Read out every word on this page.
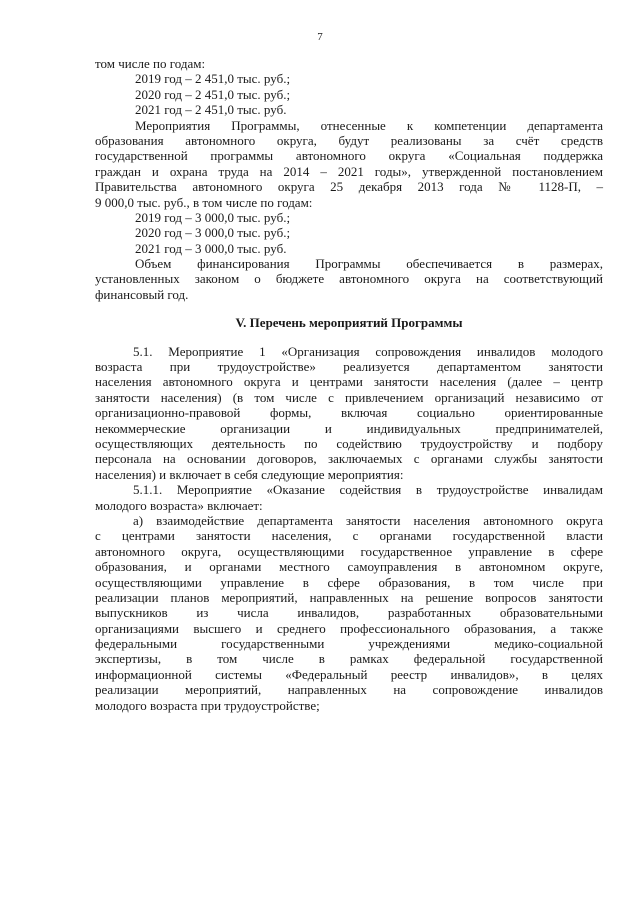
7
том числе по годам:
2019 год – 2 451,0 тыс. руб.;
2020 год – 2 451,0 тыс. руб.;
2021 год – 2 451,0 тыс. руб.
Мероприятия Программы, отнесенные к компетенции департамента
образования автономного округа, будут реализованы за счёт средств
государственной программы автономного округа «Социальная поддержка
граждан и охрана труда на 2014 – 2021 годы», утвержденной постановлением
Правительства автономного округа 25 декабря 2013 года № 1128-П, –
9 000,0 тыс. руб., в том числе по годам:
2019 год – 3 000,0 тыс. руб.;
2020 год – 3 000,0 тыс. руб.;
2021 год – 3 000,0 тыс. руб.
Объем финансирования Программы обеспечивается в размерах,
установленных законом о бюджете автономного округа на соответствующий
финансовый год.
V. Перечень мероприятий Программы
5.1. Мероприятие 1 «Организация сопровождения инвалидов молодого
возраста при трудоустройстве» реализуется департаментом занятости
населения автономного округа и центрами занятости населения (далее – центр
занятости населения) (в том числе с привлечением организаций независимо от
организационно-правовой формы, включая социально ориентированные
некоммерческие организации и индивидуальных предпринимателей,
осуществляющих деятельность по содействию трудоустройству и подбору
персонала на основании договоров, заключаемых с органами службы занятости
населения) и включает в себя следующие мероприятия:
5.1.1. Мероприятие «Оказание содействия в трудоустройстве инвалидам
молодого возраста» включает:
а) взаимодействие департамента занятости населения автономного округа
с центрами занятости населения, с органами государственной власти
автономного округа, осуществляющими государственное управление в сфере
образования, и органами местного самоуправления в автономном округе,
осуществляющими управление в сфере образования, в том числе при
реализации планов мероприятий, направленных на решение вопросов занятости
выпускников из числа инвалидов, разработанных образовательными
организациями высшего и среднего профессионального образования, а также
федеральными государственными учреждениями медико-социальной
экспертизы, в том числе в рамках федеральной государственной
информационной системы «Федеральный реестр инвалидов», в целях
реализации мероприятий, направленных на сопровождение инвалидов
молодого возраста при трудоустройстве;
